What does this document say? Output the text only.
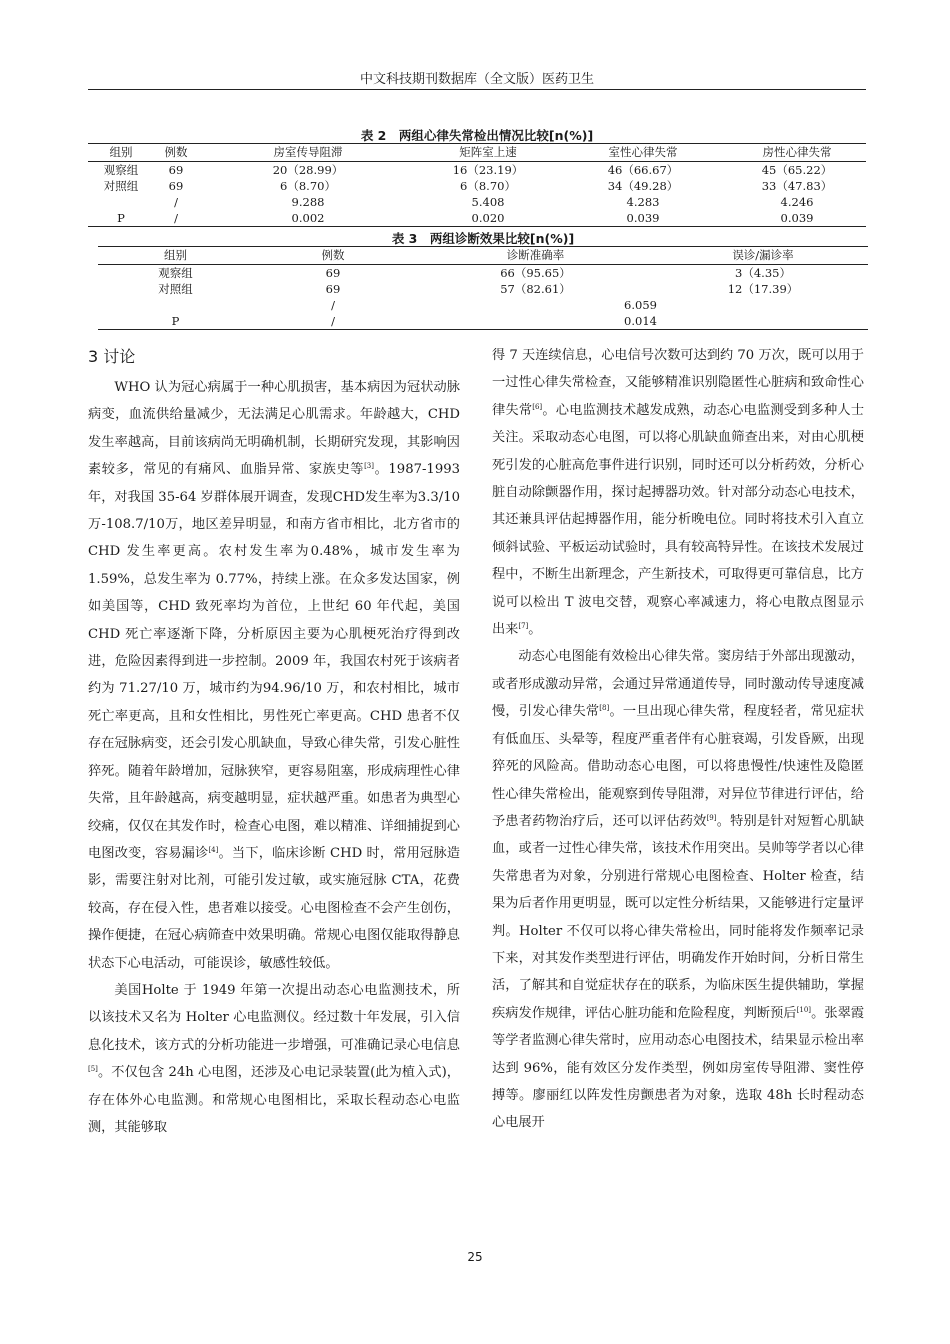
中文科技期刊数据库（全文版）医药卫生
表 2　两组心律失常检出情况比较[n(%)]
组别	例数	房室传导阻滞	矩阵室上速	室性心律失常	房性心律失常
观察组	69	20（28.99）	16（23.19）	46（66.67）	45（65.22）
对照组	69	6（8.70）	6（8.70）	34（49.28）	33（47.83）
	/	9.288	5.408	4.283	4.246
P	/	0.002	0.020	0.039	0.039
表 3　两组诊断效果比较[n(%)]
组别	例数	诊断准确率	误诊/漏诊率
观察组	69	66（95.65）	3（4.35）
对照组	69	57（82.61）	12（17.39）
	/	6.059	
P	/	0.014	
3 讨论

WHO 认为冠心病属于一种心肌损害，基本病因为冠状动脉病变，血流供给量减少，无法满足心肌需求。年龄越大，CHD 发生率越高，目前该病尚无明确机制，长期研究发现，其影响因素较多，常见的有痛风、血脂异常、家族史等[3]。1987-1993 年，对我国 35-64 岁群体展开调查，发现CHD发生率为3.3/10万-108.7/10万，地区差异明显，和南方省市相比，北方省市的 CHD 发生率更高。农村发生率为0.48%，城市发生率为1.59%，总发生率为 0.77%，持续上涨。在众多发达国家，例如美国等，CHD 致死率均为首位，上世纪 60 年代起，美国 CHD 死亡率逐渐下降，分析原因主要为心肌梗死治疗得到改进，危险因素得到进一步控制。2009 年，我国农村死于该病者约为 71.27/10 万，城市约为94.96/10 万，和农村相比，城市死亡率更高，且和女性相比，男性死亡率更高。CHD 患者不仅存在冠脉病变，还会引发心肌缺血，导致心律失常，引发心脏性猝死。随着年龄增加，冠脉狭窄，更容易阻塞，形成病理性心律失常，且年龄越高，病变越明显，症状越严重。如患者为典型心绞痛，仅仅在其发作时，检查心电图，难以精准、详细捕捉到心电图改变，容易漏诊[4]。当下，临床诊断 CHD 时，常用冠脉造影，需要注射对比剂，可能引发过敏，或实施冠脉 CTA，花费较高，存在侵入性，患者难以接受。心电图检查不会产生创伤，操作便捷，在冠心病筛查中效果明确。常规心电图仅能取得静息状态下心电活动，可能误诊，敏感性较低。

美国Holte 于 1949 年第一次提出动态心电监测技术，所以该技术又名为 Holter 心电监测仪。经过数十年发展，引入信息化技术，该方式的分析功能进一步增强，可准确记录心电信息[5]。不仅包含 24h 心电图，还涉及心电记录装置(此为植入式)，存在体外心电监测。和常规心电图相比，采取长程动态心电监测，其能够取

得 7 天连续信息，心电信号次数可达到约 70 万次，既可以用于一过性心律失常检查，又能够精准识别隐匿性心脏病和致命性心律失常[6]。心电监测技术越发成熟，动态心电监测受到多种人士关注。采取动态心电图，可以将心肌缺血筛查出来，对由心肌梗死引发的心脏高危事件进行识别，同时还可以分析药效，分析心脏自动除颤器作用，探讨起搏器功效。针对部分动态心电技术，其还兼具评估起搏器作用，能分析晚电位。同时将技术引入直立倾斜试验、平板运动试验时，具有较高特异性。在该技术发展过程中，不断生出新理念，产生新技术，可取得更可靠信息，比方说可以检出 T 波电交替，观察心率减速力，将心电散点图显示出来[7]。

动态心电图能有效检出心律失常。窦房结于外部出现激动，或者形成激动异常，会通过异常通道传导，同时激动传导速度减慢，引发心律失常[8]。一旦出现心律失常，程度轻者，常见症状有低血压、头晕等，程度严重者伴有心脏衰竭，引发昏厥，出现猝死的风险高。借助动态心电图，可以将患慢性/快速性及隐匿性心律失常检出，能观察到传导阻滞，对异位节律进行评估，给予患者药物治疗后，还可以评估药效[9]。特别是针对短暂心肌缺血，或者一过性心律失常，该技术作用突出。吴帅等学者以心律失常患者为对象，分别进行常规心电图检查、Holter 检查，结果为后者作用更明显，既可以定性分析结果，又能够进行定量评判。Holter 不仅可以将心律失常检出，同时能将发作频率记录下来，对其发作类型进行评估，明确发作开始时间，分析日常生活，了解其和自觉症状存在的联系，为临床医生提供辅助，掌握疾病发作规律，评估心脏功能和危险程度，判断预后[10]。张翠霞等学者监测心律失常时，应用动态心电图技术，结果显示检出率达到 96%，能有效区分发作类型，例如房室传导阻滞、窦性停搏等。廖丽红以阵发性房颤患者为对象，选取 48h 长时程动态心电展开

25
